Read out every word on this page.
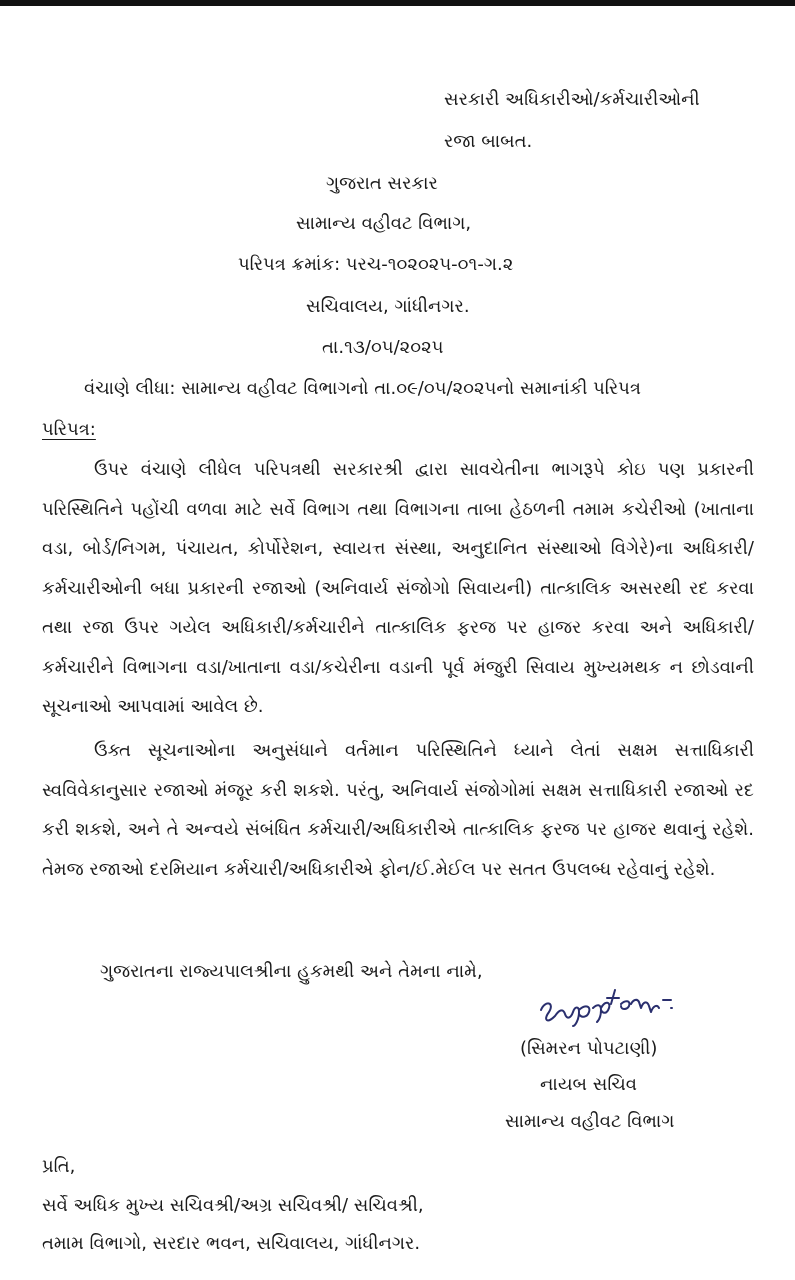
સરકારી અધિકારીઓ/કર્મચારીઓની
રજા બાબત.
ગુજરાત સરકાર
સામાન્ય વહીવટ વિભાગ,
પરિપત્ર ક્રમાંક: પરચ-૧૦૨૦૨૫-૦૧-ગ.૨
સચિવાલય, ગાંધીનગર.
તા.૧૩/૦૫/૨૦૨૫
વંચાણે લીધા: સામાન્ય વહીવટ વિભાગનો તા.૦૯/૦૫/૨૦૨૫નો સમાનાંકી પરિપત્ર
પરિપત્ર:

ઉપર વંચાણે લીધેલ પરિપત્રથી સરકારશ્રી દ્વારા સાવચેતીના ભાગરૂપે કોઇ પણ પ્રકારની પરિસ્થિતિને પહોંચી વળવા માટે સર્વે વિભાગ તથા વિભાગના તાબા હેઠળની તમામ કચેરીઓ (ખાતાના વડા, બોર્ડ/નિગમ, પંચાયત, કોર્પોરેશન, સ્વાયત્ત સંસ્થા, અનુદાનિત સંસ્થાઓ વિગેરે)ના અધિકારી/કર્મચારીઓની બધા પ્રકારની રજાઓ (અનિવાર્ય સંજોગો સિવાયની) તાત્કાલિક અસરથી રદ કરવા તથા રજા ઉપર ગયેલ અધિકારી/કર્મચારીને તાત્કાલિક ફરજ પર હાજર કરવા અને અધિકારી/કર્મચારીને વિભાગના વડા/ખાતાના વડા/કચેરીના વડાની પૂર્વ મંજુરી સિવાય મુખ્યમથક ન છોડવાની સૂચનાઓ આપવામાં આવેલ છે.

ઉક્ત સૂચનાઓના અનુસંધાને વર્તમાન પરિસ્થિતિને ધ્યાને લેતાં સક્ષમ સત્તાધિકારી સ્વવિવેકાનુસાર રજાઓ મંજૂર કરી શકશે. પરંતુ, અનિવાર્ય સંજોગોમાં સક્ષમ સત્તાધિકારી રજાઓ રદ કરી શકશે, અને તે અન્વયે સંબંધિત કર્મચારી/અધિકારીએ તાત્કાલિક ફરજ પર હાજર થવાનું રહેશે. તેમજ રજાઓ દરમિયાન કર્મચારી/અધિકારીએ ફોન/ઈ.મેઈલ પર સતત ઉપલબ્ધ રહેવાનું રહેશે.

ગુજરાતના રાજ્યપાલશ્રીના હુકમથી અને તેમના નામે,
(સિમરન પોપટાણી)
નાયબ સચિવ
સામાન્ય વહીવટ વિભાગ
પ્રતિ,
સર્વે અધિક મુખ્ય સચિવશ્રી/અગ્ર સચિવશ્રી/ સચિવશ્રી,
તમામ વિભાગો, સરદાર ભવન, સચિવાલય, ગાંધીનગર.
